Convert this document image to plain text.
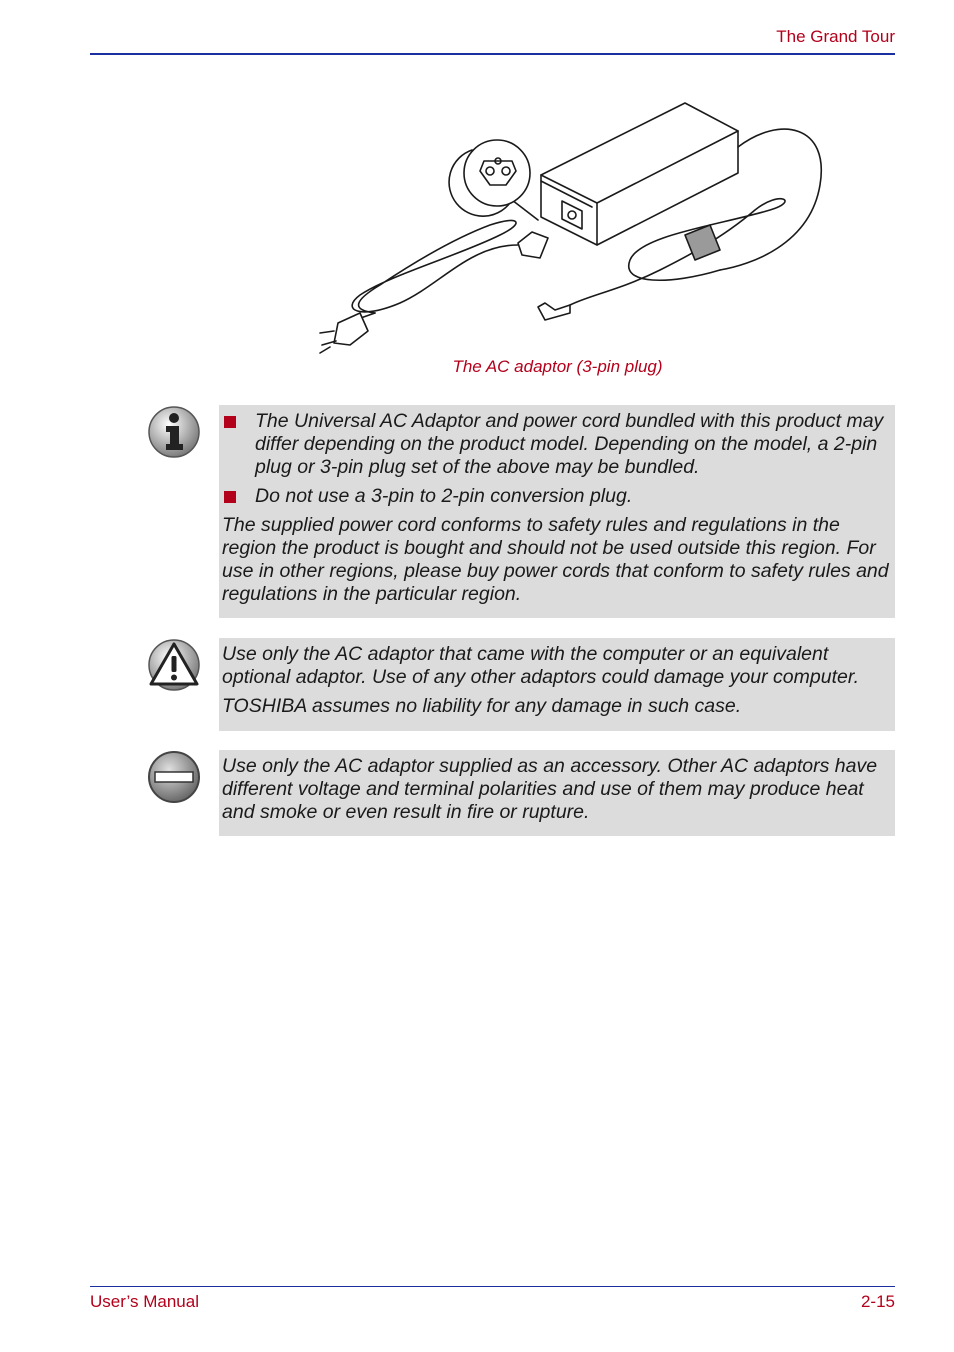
The Grand Tour
The AC adaptor (3-pin plug)
The Universal AC Adaptor and power cord bundled with this product may differ depending on the product model. Depending on the model, a 2-pin plug or 3-pin plug set of the above may be bundled.
Do not use a 3-pin to 2-pin conversion plug.

The supplied power cord conforms to safety rules and regulations in the region the product is bought and should not be used outside this region. For use in other regions, please buy power cords that conform to safety rules and regulations in the particular region.

Use only the AC adaptor that came with the computer or an equivalent optional adaptor. Use of any other adaptors could damage your computer.

TOSHIBA assumes no liability for any damage in such case.

Use only the AC adaptor supplied as an accessory. Other AC adaptors have different voltage and terminal polarities and use of them may produce heat and smoke or even result in fire or rupture.

User’s Manual	2-15
